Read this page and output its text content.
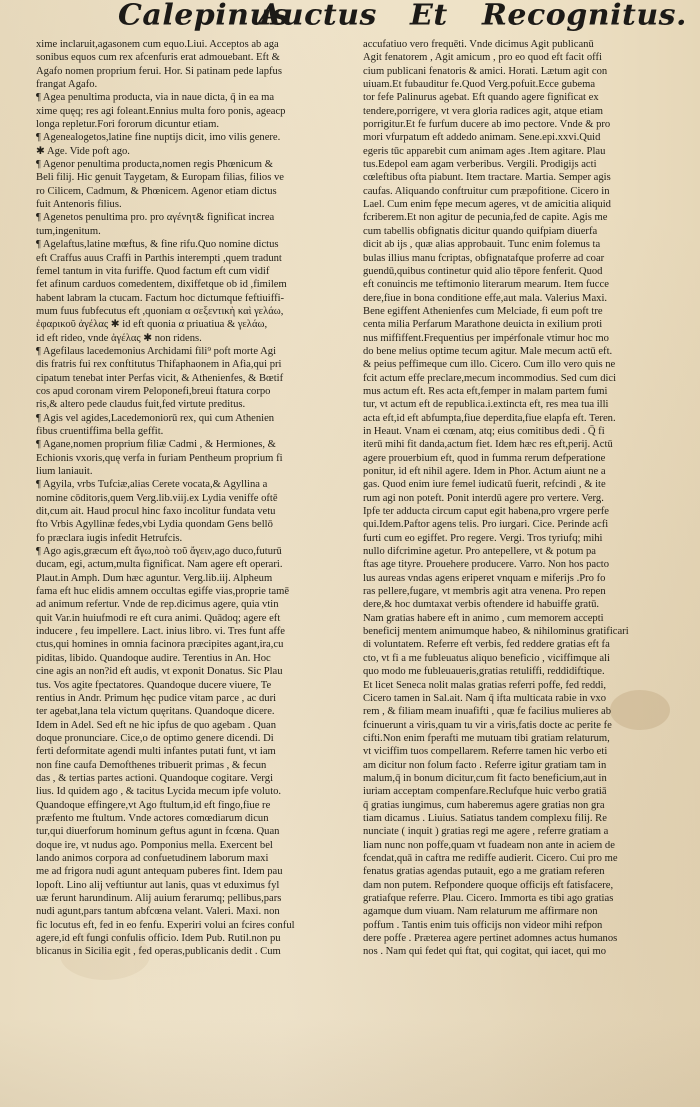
Calepinus
Auctus Et Recognitus.
xime inclaruit,agasonem cum equo.Liui. Acceptos ab aga
sonibus equos cum rex afcenfuris erat admouebant. Eft &
Agafo nomen proprium ferui. Hor. Si patinam pede lapfus
frangat Agafo.
¶ Agea penultima producta, via in naue dicta, q̄ in ea ma
xime quęq; res agi foleant.Ennius multa foro ponis, ageacp
longa repletur.Fori fororum dicuntur etiam.
¶ Agenealogetos,latine fine nuptijs dicit, imo vilis genere.
✱ Age. Vide poft ago.
¶ Agenor penultima producta,nomen regis Phœnicum &
Beli filij. Hic genuit Taygetam, & Europam filias, filios ve
ro Cilicem, Cadmum, & Phœnicem. Agenor etiam dictus
fuit Antenoris filius.
¶ Agenetos penultima pro. pro αγένητ& fignificat increa
tum,ingenitum.
¶ Agelaftus,latine mœftus, & fine rifu.Quo nomine dictus
eft Craffus auus Craffi in Parthis interempti ,quem tradunt
femel tantum in vita furiffe. Quod factum eft cum vidif
fet afinum carduos comedentem, dixiffetque ob id ,fimilem
habent labram la ctucam. Factum hoc dictumque feftiuiffi-
mum fuus fubfecutus eft ,quoniam α σεξεντικὴ καὶ γελάω,
ἐφαρικοῦ ἀγέλας ✱ id eft quonia α priuatiua & γελάω,
id eft rideo, vnde ἀγέλας ✱ non ridens.
¶ Agefilaus lacedemonius Archidami fili⁹ poft morte Agi
dis fratris fui rex conftitutus Thifaphaonem in Afia,qui pri
cipatum tenebat inter Perfas vicit, & Athenienfes, & Bœtif
cos apud coronam virem Peloponefi,breui ftatura corpo
ris,& altero pede claudus fuit,fed virtute preditus.
¶ Agis vel agides,Lacedemoniorū rex, qui cum Athenien
fibus cruentiffima bella geffit.
¶ Agane,nomen proprium filiæ Cadmi , & Hermiones, &
Echionis vxoris,quę verfa in furiam Pentheum proprium fi
lium laniauit.
¶ Agyila, vrbs Tufciæ,alias Cerete vocata,& Agyllina a
nomine cōditoris,quem Verg.lib.viij.ex Lydia veniffe oftē
dit,cum ait. Haud procul hinc faxo incolitur fundata vetu
fto Vrbis Agyllinæ fedes,vbi Lydia quondam Gens bellō
fo præclara iugis infedit Hetrufcis.
¶ Ago agis,græcum eft ἄγω,ποὸ τοῦ ἄγειν,ago duco,futurū
ducam, egi, actum,multa fignificat. Nam agere eft operari.
Plaut.in Amph. Dum hæc aguntur. Verg.lib.iij. Alpheum
fama eft huc elidis amnem occultas egiffe vias,proprie tamē
ad animum refertur. Vnde de rep.dicimus agere, quia vtin
quit Var.in huiufmodi re eft cura animi. Quādoq; agere eft
inducere , feu impellere. Lact. inius libro. vi. Tres funt affe
ctus,qui homines in omnia facinora præcipites agant,ira,cu
piditas, libido. Quandoque audire. Terentius in An. Hoc
cine agis an non?id eft audis, vt exponit Donatus. Sic Plau
tus. Vos agite fpectatores. Quandoque ducere viuere, Te
rentius in Andr. Primum hęc pudice vitam parce , ac duri
ter agebat,lana tela victum quęritans. Quandoque dicere.
Idem in Adel. Sed eft ne hic ipfus de quo agebam . Quan
doque pronunciare. Cice,o de optimo genere dicendi. Di
ferti deformitate agendi multi infantes putati funt, vt iam
non fine caufa Demofthenes tribuerit primas , & fecun
das , & tertias partes actioni. Quandoque cogitare. Vergi
lius. Id quidem ago , & tacitus Lycida mecum ipfe voluto.
Quandoque effingere,vt Ago ftultum,id eft fingo,fiue re
præfento me ftultum. Vnde actores comœdiarum dicun
tur,qui diuerforum hominum geftus agunt in fcœna. Quan
doque ire, vt nudus ago. Pomponius mella. Exercent bel
lando animos corpora ad confuetudinem laborum maxi
me ad frigora nudi agunt antequam puberes fint. Idem pau
lopoft. Lino alij veftiuntur aut lanis, quas vt eduximus fyl
uæ ferunt harundinum. Alij auium ferarumq; pellibus,pars
nudi agunt,pars tantum abfcœna velant. Valeri. Maxi. non
fic locutus eft, fed in eo fenfu. Experiri volui an fcires conful
agere,id eft fungi confulis officio. Idem Pub. Rutil.non pu
blicanus in Sicilia egit , fed operas,publicanis dedit . Cum
accufatiuo vero frequēti. Vnde dicimus Agit publicanū
Agit fenatorem , Agit amicum , pro eo quod eft facit offi
cium publicani fenatoris & amici. Horati. Lætum agit con
uiuam.Et fubauditur fe.Quod Verg.pofuit.Ecce gubema
tor fefe Palinurus agebat. Eft quando agere fignificat ex
tendere,porrigere, vt vera gloria radices agit, atque etiam
porrigitur.Et fe furfum ducere ab imo pectore. Vnde & pro
mori vfurpatum eft addedo animam. Sene.epi.xxvi.Quid
egeris tūc apparebit cum animam ages .Item agitare. Plau
tus.Edepol eam agam verberibus. Vergili. Prodigijs acti
cœleftibus ofta piabunt. Item tractare. Martia. Semper agis
caufas. Aliquando conftruitur cum præpofitione. Cicero in
Lael. Cum enim fępe mecum ageres, vt de amicitia aliquid
fcriberem.Et non agitur de pecunia,fed de capite. Agis me
cum tabellis obfignatis dicitur quando quifpiam diuerfa
dicit ab ijs , quæ alias approbauit. Tunc enim folemus ta
bulas illius manu fcriptas, obfignatafque proferre ad coar
guendū,quibus continetur quid alio tēpore fenferit. Quod
eft conuincis me teftimonio literarum mearum. Item fucce
dere,fiue in bona conditione effe,aut mala. Valerius Maxi.
Bene egiffent Athenienfes cum Melciade, fi eum poft tre
centa milia Perfarum Marathone deuicta in exilium proti
nus miffiffent.Frequentius per impérfonale vtimur hoc mo
do bene melius optime tecum agitur. Male mecum actū eft.
& peius peffimeque cum illo. Cicero. Cum illo vero quis ne
fcit actum effe preclare,mecum incommodius. Sed cum dici
mus actum eft. Res acta eft,femper in malam partem fumi
tur, vt actum eft de republica.i.extincta eft, res mea tua illi
acta eft,id eft abfumpta,fiue deperdita,fiue elapfa eft. Teren.
in Heaut. Vnam ei cœnam, atq; eius comitibus dedi . Q̄ fi
iterū mihi fit danda,actum fiet. Idem hæc res eft,perij. Actū
agere prouerbium eft, quod in fumma rerum defperatione
ponitur, id eft nihil agere. Idem in Phor. Actum aiunt ne a
gas. Quod enim iure femel iudicatū fuerit, refcindi , & ite
rum agi non poteft. Ponit interdū agere pro vertere. Verg.
Ipfe ter adducta circum caput egit habena,pro vrgere perfe
qui.Idem.Paftor agens telis. Pro iurgari. Cice. Perinde acfi
furti cum eo egiffet. Pro regere. Vergi. Tros tyriufq; mihi
nullo difcrimine agetur. Pro antepellere, vt & potum pa
ftas age tityre. Prouehere producere. Varro. Non hos pacto
lus aureas vndas agens eriperet vnquam e miferijs .Pro fo
ras pellere,fugare, vt membris agit atra venena. Pro repen
dere,& hoc dumtaxat verbis oftendere id habuiffe gratū.
Nam gratias habere eft in animo , cum memorem accepti
beneficij mentem animumque habeo, & nihilominus gratificari
di voluntatem. Referre eft verbis, fed reddere gratias eft fa
cto, vt fi a me fubleuatus aliquo beneficio , viciffimque ali
quo modo me fubleuaueris,gratias retuliffi, reddidiftique.
Et licet Seneca nolit malas gratias referri poffe, fed reddi,
Cicero tamen in Sal.ait. Nam q̄ ifta multicata rabie in vxo
rem , & filiam meam inuafifti , quæ fe facilius mulieres ab
fcinuerunt a viris,quam tu vir a viris,fatis docte ac perite fe
cifti.Non enim fperafti me mutuam tibi gratiam relaturum,
vt viciffim tuos compellarem. Referre tamen hic verbo eti
am dicitur non folum facto . Referre igitur gratiam tam in
malum,q̄ in bonum dicitur,cum fit facto beneficium,aut in
iuriam acceptam compenfare.Reclufque huic verbo gratiā
q̄ gratias iungimus, cum haberemus agere gratias non gra
tiam dicamus . Liuius. Satiatus tandem complexu filij. Re
nunciate ( inquit ) gratias regi me agere , referre gratiam a
liam nunc non poffe,quam vt fuadeam non ante in aciem de
fcendat,quā in caftra me rediffe audierit. Cicero. Cui pro me
fenatus gratias agendas putauit, ego a me gratiam referen
dam non putem. Refpondere quoque officijs eft fatisfacere,
gratiafque referre. Plau. Cicero. Immorta es tibi ago gratias
agamque dum viuam. Nam relaturum me affirmare non
poffum . Tantis enim tuis officijs non videor mihi refpon
dere poffe . Præterea agere pertinet adomnes actus humanos
nos . Nam qui fedet qui ftat, qui cogitat, qui iacet, qui mo
